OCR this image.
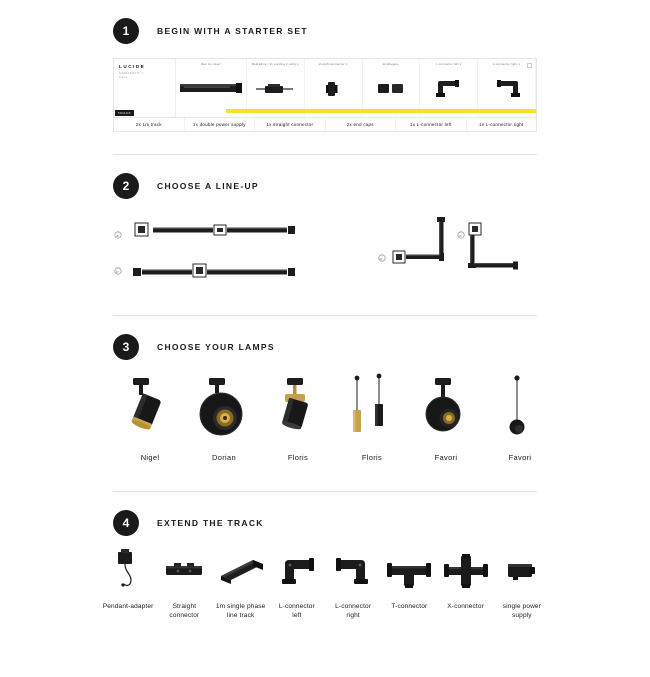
1	BEGIN WITH A STARTER SET
LUCIDE
STARTERKIT 1
black
TRACK
Rail 1m zwart	Bedrading / 2x voeding 2-polig 1	straight-konnector 1	Eindkapjes	L-connector left 1	L-connector right 1
2x 1m track	1x double power supply	1x straight connector	2x end caps	1x L-connector left	1x L-connector right
2	CHOOSE A LINE-UP
a
b
c
d
3	CHOOSE YOUR LAMPS
Nigel	Dorian	Floris	Floris	Favori	Favori
4	EXTEND THE TRACK
Pendant-adapter	Straight
connector
1m single phase
line track
L-connector
left
L-connector
right
T-connector	X-connector	single power
supply
